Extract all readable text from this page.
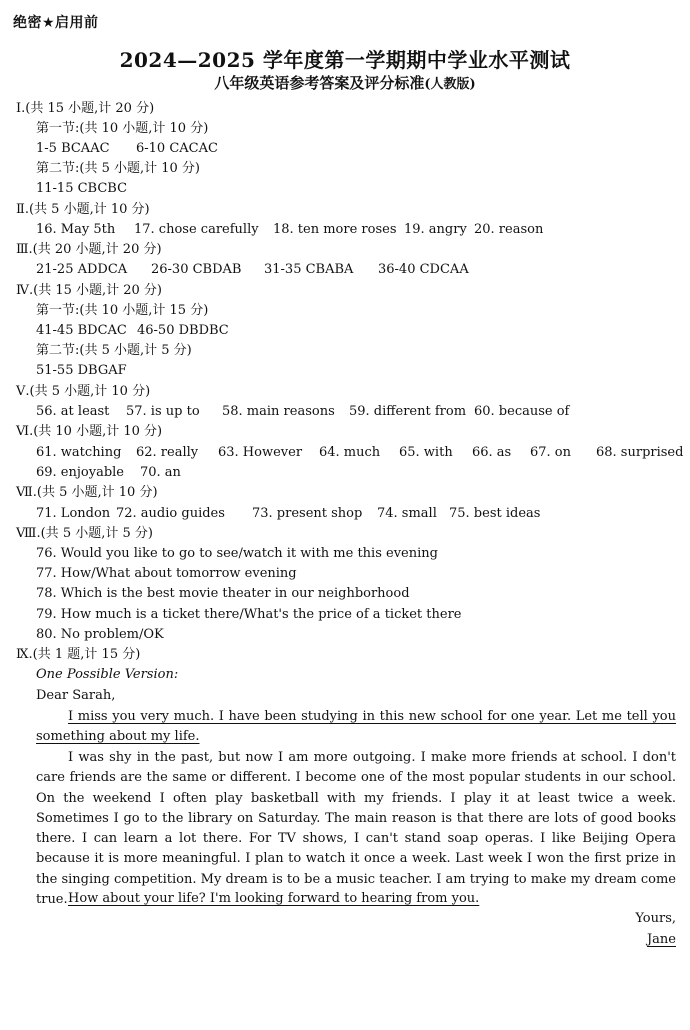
绝密★启用前
2024—2025 学年度第一学期期中学业水平测试
八年级英语参考答案及评分标准(人教版)
Ⅰ.(共 15 小题,计 20 分)
第一节:(共 10 小题,计 10 分)
1-5 BCAAC 6-10 CACAC
第二节:(共 5 小题,计 10 分)
11-15 CBCBC
Ⅱ.(共 5 小题,计 10 分)
16. May 5th 17. chose carefully 18. ten more roses 19. angry 20. reason
Ⅲ.(共 20 小题,计 20 分)
21-25 ADDCA 26-30 CBDAB 31-35 CBABA 36-40 CDCAA
Ⅳ.(共 15 小题,计 20 分)
第一节:(共 10 小题,计 15 分)
41-45 BDCAC 46-50 DBDBC
第二节:(共 5 小题,计 5 分)
51-55 DBGAF
Ⅴ.(共 5 小题,计 10 分)
56. at least 57. is up to 58. main reasons 59. different from 60. because of
Ⅵ.(共 10 小题,计 10 分)
61. watching 62. really 63. However 64. much 65. with 66. as 67. on 68. surprised
69. enjoyable 70. an
Ⅶ.(共 5 小题,计 10 分)
71. London 72. audio guides 73. present shop 74. small 75. best ideas
Ⅷ.(共 5 小题,计 5 分)
76. Would you like to go to see/watch it with me this evening
77. How/What about tomorrow evening
78. Which is the best movie theater in our neighborhood
79. How much is a ticket there/What's the price of a ticket there
80. No problem/OK
Ⅸ.(共 1 题,计 15 分)
One Possible Version:
Dear Sarah,

I miss you very much. I have been studying in this new school for one year. Let me tell you something about my life.

I was shy in the past, but now I am more outgoing. I make more friends at school. I don't care friends are the same or different. I become one of the most popular students in our school. On the weekend I often play basketball with my friends. I play it at least twice a week. Sometimes I go to the library on Saturday. The main reason is that there are lots of good books there. I can learn a lot there. For TV shows, I can't stand soap operas. I like Beijing Opera because it is more meaningful. I plan to watch it once a week. Last week I won the first prize in the singing competition. My dream is to be a music teacher. I am trying to make my dream come true. How about your life? I'm looking forward to hearing from you.

Yours,
Jane
